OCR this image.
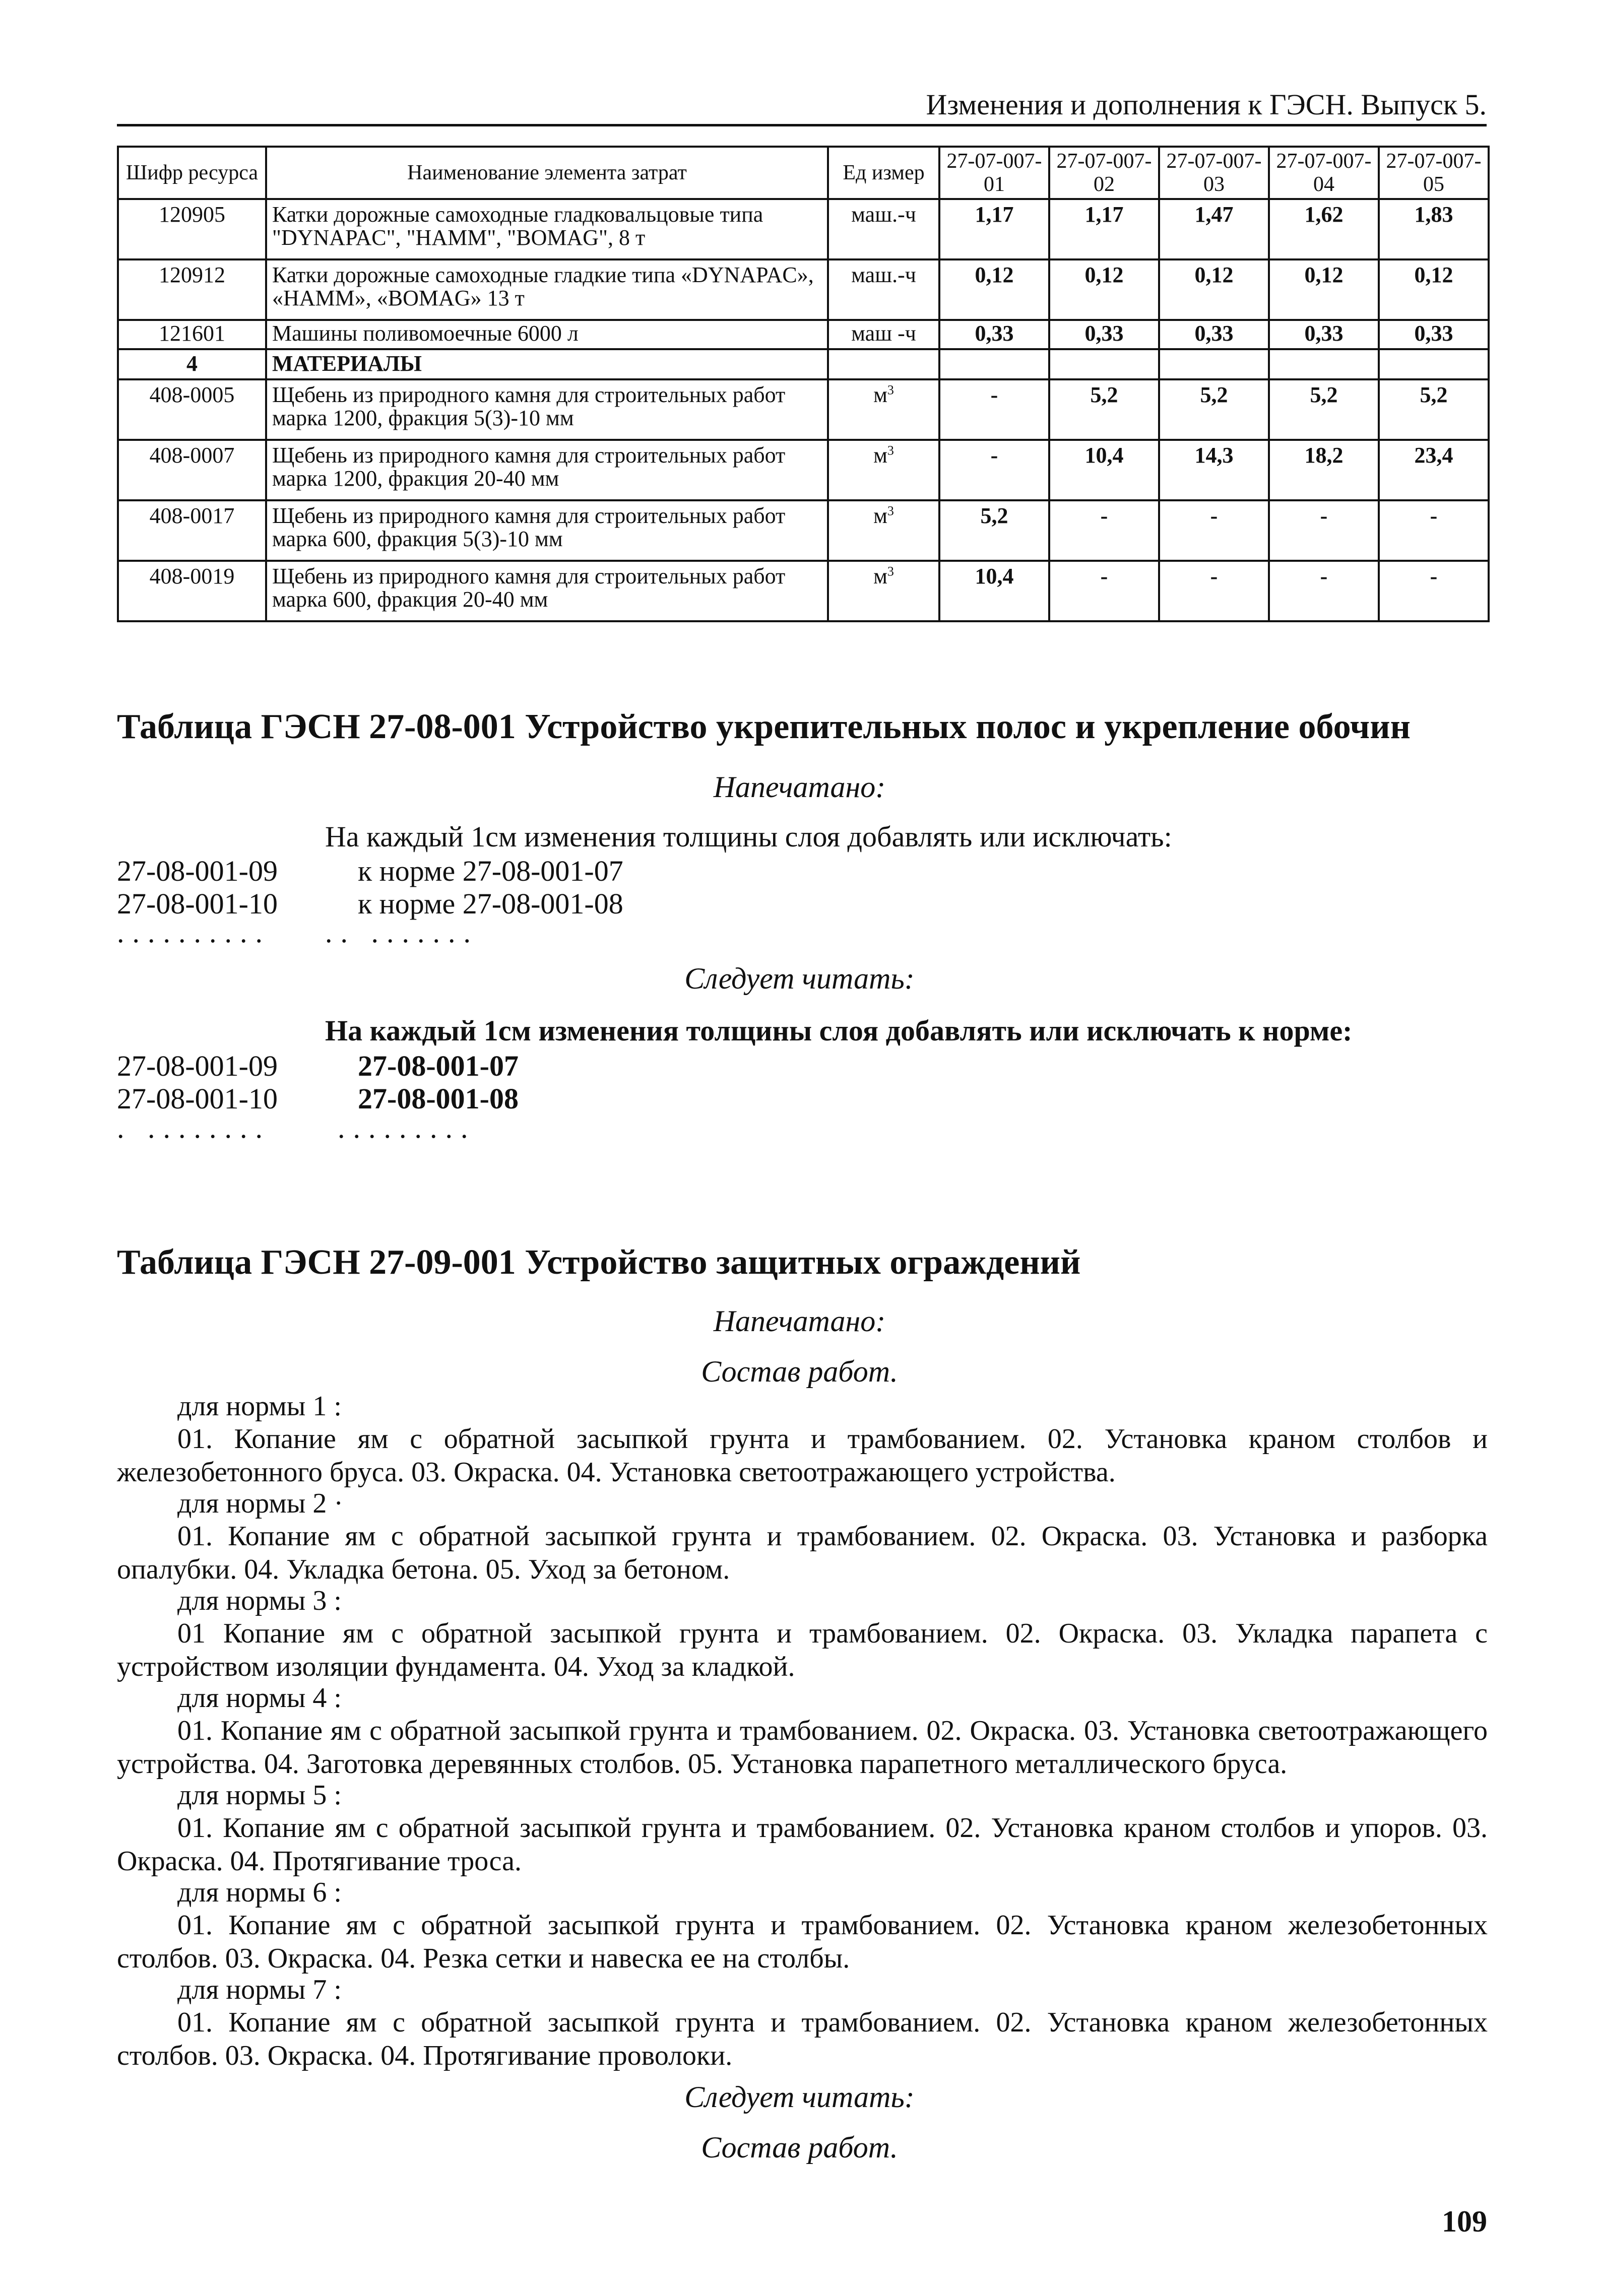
Изменения и дополнения к ГЭСН. Выпуск 5.
Шифр ресурса	Наименование элемента затрат	Ед измер	27-07-007-01	27-07-007-02	27-07-007-03	27-07-007-04	27-07-007-05
120905	Катки дорожные самоходные гладковальцовые типа "DYNAPAC", "HAMM", "BOMAG", 8 т	маш.-ч	1,17	1,17	1,47	1,62	1,83
120912	Катки дорожные самоходные гладкие типа «DYNAPAC», «HAMM», «BOMAG» 13 т	маш.-ч	0,12	0,12	0,12	0,12	0,12
121601	Машины поливомоечные 6000 л	маш -ч	0,33	0,33	0,33	0,33	0,33
4	МАТЕРИАЛЫ						
408-0005	Щебень из природного камня для строительных работ марка 1200, фракция 5(3)-10 мм	$м^3$	-	5,2	5,2	5,2	5,2
408-0007	Щебень из природного камня для строительных работ марка 1200, фракция 20-40 мм	$м^3$	-	10,4	14,3	18,2	23,4
408-0017	Щебень из природного камня для строительных работ марка 600, фракция 5(3)-10 мм	$м^3$	5,2	-	-	-	-
408-0019	Щебень из природного камня для строительных работ марка 600, фракция 20-40 мм	$м^3$	10,4	-	-	-	-
Таблица ГЭСН 27-08-001 Устройство укрепительных полос и укрепление обочин
Напечатано:
На каждый 1см изменения толщины слоя добавлять или исключать:
27-08-001-09	к норме 27-08-001-07
27-08-001-10	к норме 27-08-001-08
.......... .. .......
Следует читать:
На каждый 1см изменения толщины слоя добавлять или исключать к норме:
27-08-001-09	27-08-001-07
27-08-001-10	27-08-001-08
. ........ .........
Таблица ГЭСН 27-09-001 Устройство защитных ограждений
Напечатано:
Состав работ.
для нормы 1 :
01. Копание ям с обратной засыпкой грунта и трамбованием. 02. Установка краном столбов и железобетонного бруса. 03. Окраска. 04. Установка светоотражающего устройства.
для нормы 2 ·
01. Копание ям с обратной засыпкой грунта и трамбованием. 02. Окраска. 03. Установка и разборка опалубки. 04. Укладка бетона. 05. Уход за бетоном.
для нормы 3 :
01 Копание ям с обратной засыпкой грунта и трамбованием. 02. Окраска. 03. Укладка парапета с устройством изоляции фундамента. 04. Уход за кладкой.
для нормы 4 :
01. Копание ям с обратной засыпкой грунта и трамбованием. 02. Окраска. 03. Установка светоотражающего устройства. 04. Заготовка деревянных столбов. 05. Установка парапетного металлического бруса.
для нормы 5 :
01. Копание ям с обратной засыпкой грунта и трамбованием. 02. Установка краном столбов и упоров. 03. Окраска. 04. Протягивание троса.
для нормы 6 :
01. Копание ям с обратной засыпкой грунта и трамбованием. 02. Установка краном железобетонных столбов. 03. Окраска. 04. Резка сетки и навеска ее на столбы.
для нормы 7 :
01. Копание ям с обратной засыпкой грунта и трамбованием. 02. Установка краном железобетонных столбов. 03. Окраска. 04. Протягивание проволоки.
Следует читать:
Состав работ.
109
